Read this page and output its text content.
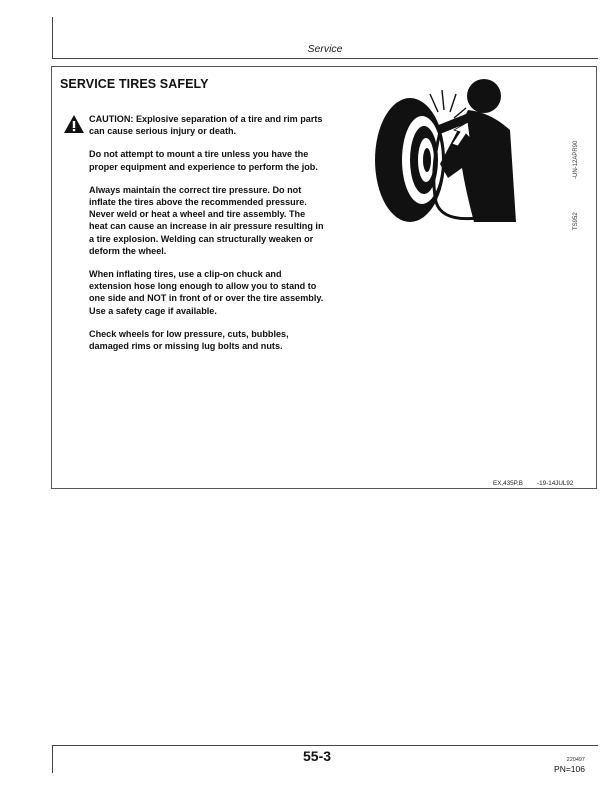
Service
SERVICE TIRES SAFELY

CAUTION: Explosive separation of a tire and rim parts can cause serious injury or death.

Do not attempt to mount a tire unless you have the proper equipment and experience to perform the job.

Always maintain the correct tire pressure. Do not inflate the tires above the recommended pressure. Never weld or heat a wheel and tire assembly. The heat can cause an increase in air pressure resulting in a tire explosion. Welding can structurally weaken or deform the wheel.

When inflating tires, use a clip-on chuck and extension hose long enough to allow you to stand to one side and NOT in front of or over the tire assembly. Use a safety cage if available.

Check wheels for low pressure, cuts, bubbles, damaged rims or missing lug bolts and nuts.

-UN-12APR90
TS952
EX,435P,B -19-14JUL92
55-3	220497
PN=106
